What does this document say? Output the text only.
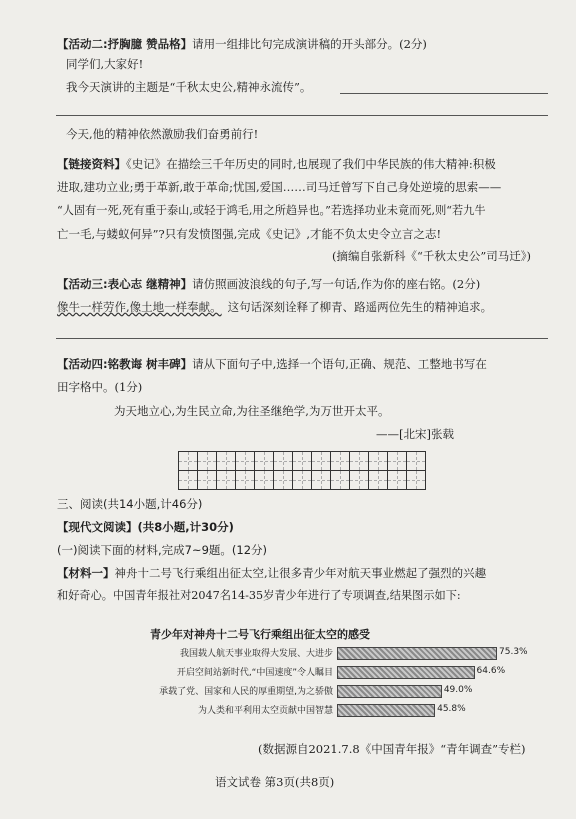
【活动二:抒胸臆 赞品格】请用一组排比句完成演讲稿的开头部分。(2分)
同学们,大家好!
我今天演讲的主题是“千秋太史公,精神永流传”。
今天,他的精神依然激励我们奋勇前行!
【链接资料】《史记》在描绘三千年历史的同时,也展现了我们中华民族的伟大精神:积极
进取,建功立业;勇于革新,敢于革命;忧国,爱国……司马迁曾写下自己身处逆境的思索——
“人固有一死,死有重于泰山,或轻于鸿毛,用之所趋异也。”若选择功业未竟而死,则“若九牛
亡一毛,与蝼蚁何异”?只有发愤图强,完成《史记》,才能不负太史令立言之志!
(摘编自张新科《“千秋太史公”司马迁》)
【活动三:表心志 继精神】请仿照画波浪线的句子,写一句话,作为你的座右铭。(2分)
像牛一样劳作,像土地一样奉献。 这句话深刻诠释了柳青、路遥两位先生的精神追求。
【活动四:铭教诲 树丰碑】请从下面句子中,选择一个语句,正确、规范、工整地书写在
田字格中。(1分)
为天地立心,为生民立命,为往圣继绝学,为万世开太平。
——[北宋]张载
三、阅读(共14小题,计46分)
【现代文阅读】(共8小题,计30分)
(一)阅读下面的材料,完成7~9题。(12分)
【材料一】神舟十二号飞行乘组出征太空,让很多青少年对航天事业燃起了强烈的兴趣
和好奇心。中国青年报社对2047名14-35岁青少年进行了专项调查,结果图示如下:
青少年对神舟十二号飞行乘组出征太空的感受
我国载人航天事业取得大发展、大进步	75.3%
开启空间站新时代,“中国速度”令人瞩目	64.6%
承载了党、国家和人民的厚重期望,为之骄傲	49.0%
为人类和平利用太空贡献中国智慧	45.8%
(数据源自2021.7.8《中国青年报》“青年调查”专栏)
语文试卷 第3页(共8页)
